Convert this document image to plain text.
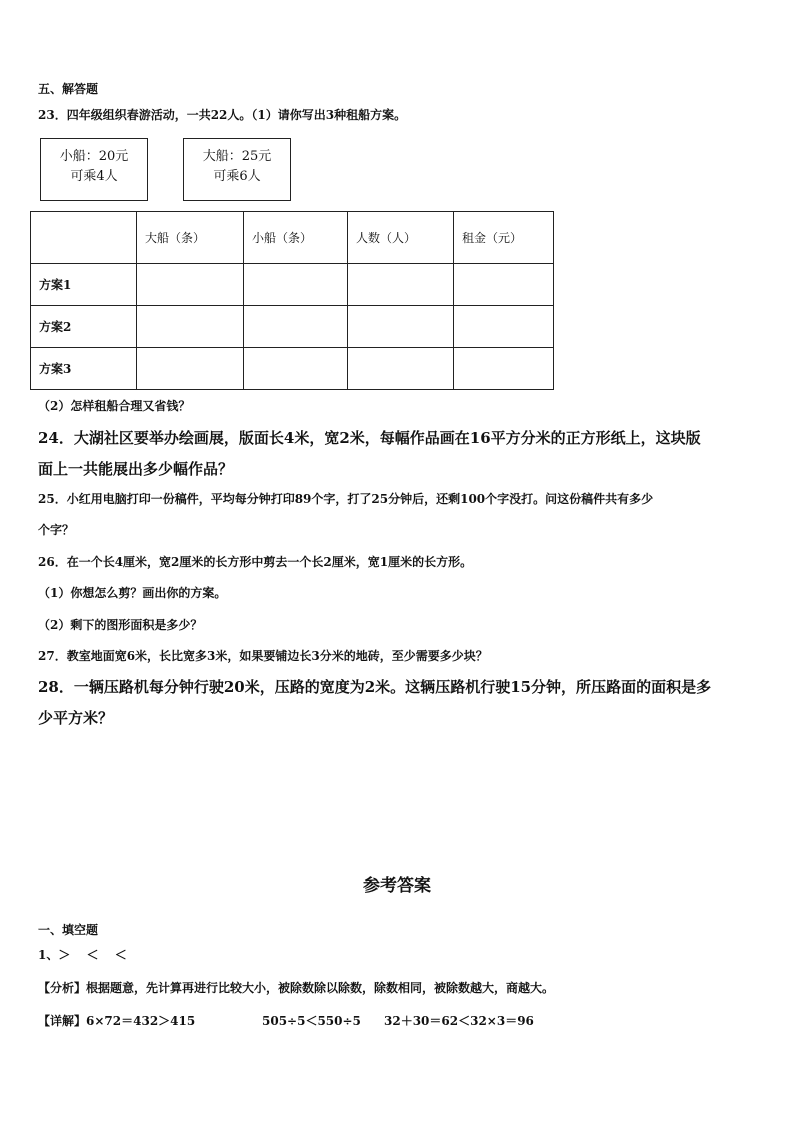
五、解答题
23．四年级组织春游活动，一共22人。（1）请你写出3种租船方案。
小船：20元
可乘4人
大船：25元
可乘6人
	大船（条）	小船（条）	人数（人）	租金（元）
方案1				
方案2				
方案3				
（2）怎样租船合理又省钱？
24．大湖社区要举办绘画展，版面长4米，宽2米，每幅作品画在16平方分米的正方形纸上，这块版
面上一共能展出多少幅作品？
25．小红用电脑打印一份稿件，平均每分钟打印89个字，打了25分钟后，还剩100个字没打。问这份稿件共有多少
个字？
26．在一个长4厘米，宽2厘米的长方形中剪去一个长2厘米，宽1厘米的长方形。
（1）你想怎么剪？画出你的方案。
（2）剩下的图形面积是多少？
27．教室地面宽6米，长比宽多3米，如果要铺边长3分米的地砖，至少需要多少块？
28．一辆压路机每分钟行驶20米，压路的宽度为2米。这辆压路机行驶15分钟，所压路面的面积是多
少平方米？
参考答案
一、填空题
1、＞　 ＜　 ＜
【分析】根据题意，先计算再进行比较大小，被除数除以除数，除数相同，被除数越大，商越大。
【详解】6×72＝432＞415	505÷5＜550÷5 32＋30＝62＜32×3＝96
